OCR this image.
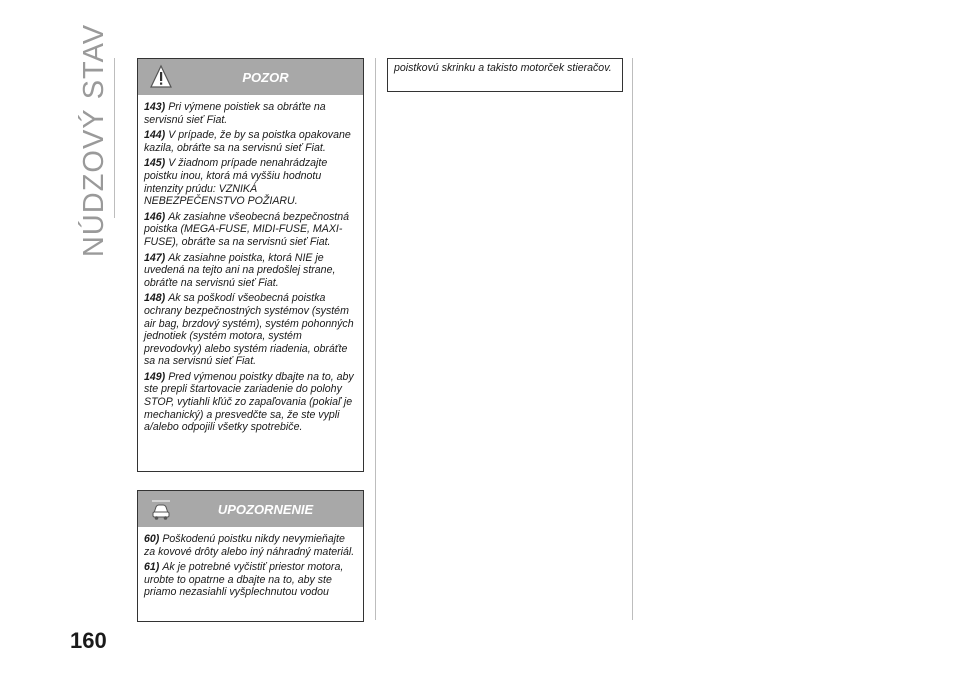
NÚDZOVÝ STAV	POZOR

143) Pri výmene poistiek sa obráťte na servisnú sieť Fiat.

144) V prípade, že by sa poistka opakovane kazila, obráťte sa na servisnú sieť Fiat.

145) V žiadnom prípade nenahrádzajte poistku inou, ktorá má vyššiu hodnotu intenzity prúdu: VZNIKÁ NEBEZPEČENSTVO POŽIARU.

146) Ak zasiahne všeobecná bezpečnostná poistka (MEGA-FUSE, MIDI-FUSE, MAXI-FUSE), obráťte sa na servisnú sieť Fiat.

147) Ak zasiahne poistka, ktorá NIE je uvedená na tejto ani na predošlej strane, obráťte na servisnú sieť Fiat.

148) Ak sa poškodí všeobecná poistka ochrany bezpečnostných systémov (systém air bag, brzdový systém), systém pohonných jednotiek (systém motora, systém prevodovky) alebo systém riadenia, obráťte sa na servisnú sieť Fiat.

149) Pred výmenou poistky dbajte na to, aby ste prepli štartovacie zariadenie do polohy STOP, vytiahli kľúč zo zapaľovania (pokiaľ je mechanický) a presvedčte sa, že ste vypli a/alebo odpojili všetky spotrebiče.

UPOZORNENIE

60) Poškodenú poistku nikdy nevymieňajte za kovové drôty alebo iný náhradný materiál.

61) Ak je potrebné vyčistiť priestor motora, urobte to opatrne a dbajte na to, aby ste priamo nezasiahli vyšplechnutou vodou

poistkovú skrinku a takisto motorček stieračov.
160
